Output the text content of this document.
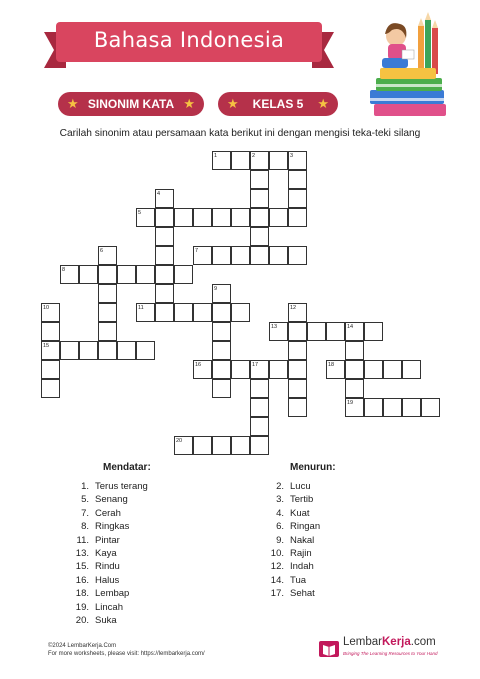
Bahasa Indonesia
★ SINONIM KATA ★ ★	KELAS 5	★
Carilah sinonim atau persamaan kata berikut ini dengan mengisi teka-teki silang
1	2	3
4
5
6	7
8
9
10	11	12
13	14
15
16	17	18
19
20
Mendatar:	Menurun:
1. Terus terang
5. Senang
7. Cerah
8. Ringkas
11. Pintar
13. Kaya
15. Rindu
16. Halus
18. Lembap
19. Lincah
20. Suka
2. Lucu
3. Tertib
4. Kuat
6. Ringan
9. Nakal
10. Rajin
12. Indah
14. Tua
17. Sehat
©2024 LembarKerja.Com
For more worksheets, please visit: https://lembarkerja.com/
LembarKerja.com
Bringing The Learning Resources to Your Hand
